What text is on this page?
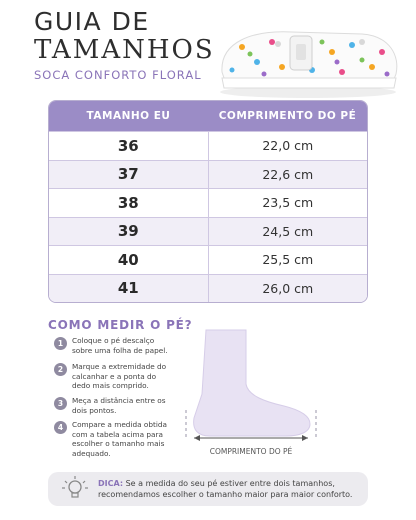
GUIA DE
TAMANHOS
SOCA CONFORTO FLORAL
TAMANHO EU	COMPRIMENTO DO PÉ
36	22,0 cm
37	22,6 cm
38	23,5 cm
39	24,5 cm
40	25,5 cm
41	26,0 cm
COMO MEDIR O PÉ?
1	Coloque o pé descalço sobre uma folha de papel.
2	Marque a extremidade do calcanhar e a ponta do dedo mais comprido.
3	Meça a distância entre os dois pontos.
4	Compare a medida obtida com a tabela acima para escolher o tamanho mais adequado.	COMPRIMENTO DO PÉ
DICA: Se a medida do seu pé estiver entre dois tamanhos, recomendamos escolher o tamanho maior para maior conforto.
